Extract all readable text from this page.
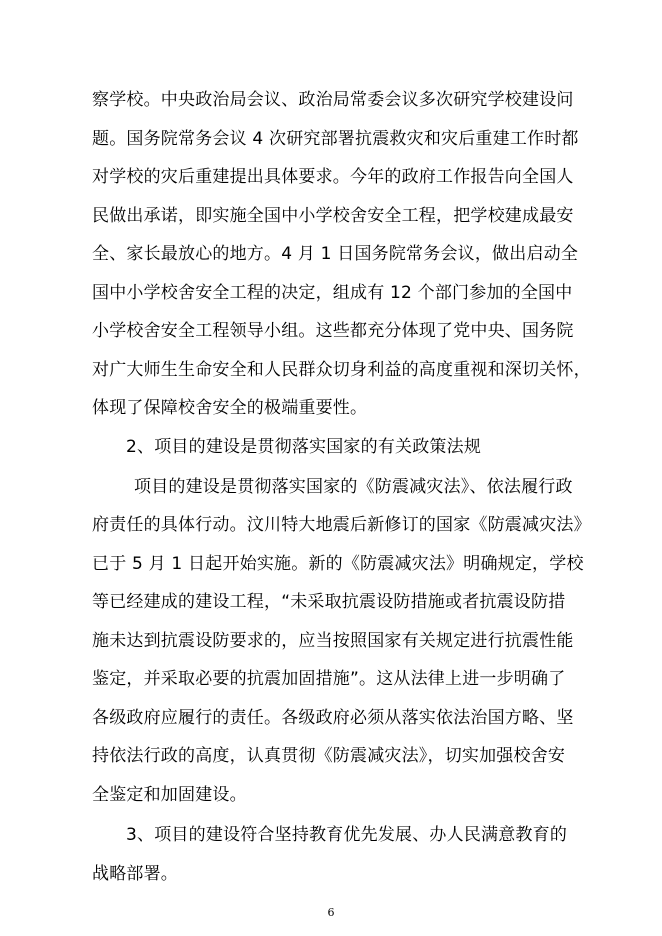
察学校。中央政治局会议、政治局常委会议多次研究学校建设问
题。国务院常务会议 4 次研究部署抗震救灾和灾后重建工作时都
对学校的灾后重建提出具体要求。今年的政府工作报告向全国人
民做出承诺，即实施全国中小学校舍安全工程，把学校建成最安
全、家长最放心的地方。4 月 1 日国务院常务会议，做出启动全
国中小学校舍安全工程的决定，组成有 12 个部门参加的全国中
小学校舍安全工程领导小组。这些都充分体现了党中央、国务院
对广大师生生命安全和人民群众切身利益的高度重视和深切关怀，
体现了保障校舍安全的极端重要性。
2、项目的建设是贯彻落实国家的有关政策法规
项目的建设是贯彻落实国家的《防震减灾法》、依法履行政
府责任的具体行动。汶川特大地震后新修订的国家《防震减灾法》
已于 5 月 1 日起开始实施。新的《防震减灾法》明确规定，学校
等已经建成的建设工程，“未采取抗震设防措施或者抗震设防措
施未达到抗震设防要求的，应当按照国家有关规定进行抗震性能
鉴定，并采取必要的抗震加固措施”。这从法律上进一步明确了
各级政府应履行的责任。各级政府必须从落实依法治国方略、坚
持依法行政的高度，认真贯彻《防震减灾法》，切实加强校舍安
全鉴定和加固建设。
3、项目的建设符合坚持教育优先发展、办人民满意教育的
战略部署。
6
